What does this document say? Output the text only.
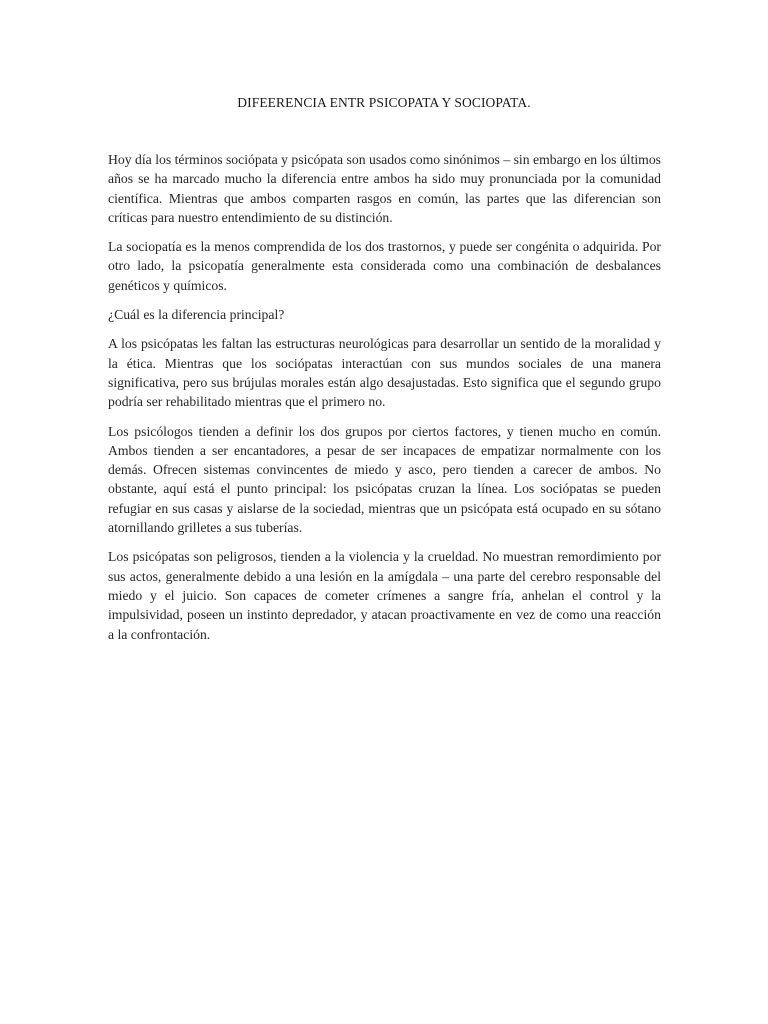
DIFEERENCIA ENTR PSICOPATA Y SOCIOPATA.

Hoy día los términos sociópata y psicópata son usados como sinónimos – sin embargo en los últimos años se ha marcado mucho la diferencia entre ambos ha sido muy pronunciada por la comunidad científica. Mientras que ambos comparten rasgos en común, las partes que las diferencian son críticas para nuestro entendimiento de su distinción.

La sociopatía es la menos comprendida de los dos trastornos, y puede ser congénita o adquirida. Por otro lado, la psicopatía generalmente esta considerada como una combinación de desbalances genéticos y químicos.

¿Cuál es la diferencia principal?

A los psicópatas les faltan las estructuras neurológicas para desarrollar un sentido de la moralidad y la ética. Mientras que los sociópatas interactúan con sus mundos sociales de una manera significativa, pero sus brújulas morales están algo desajustadas. Esto significa que el segundo grupo podría ser rehabilitado mientras que el primero no.

Los psicólogos tienden a definir los dos grupos por ciertos factores, y tienen mucho en común. Ambos tienden a ser encantadores, a pesar de ser incapaces de empatizar normalmente con los demás. Ofrecen sistemas convincentes de miedo y asco, pero tienden a carecer de ambos. No obstante, aquí está el punto principal: los psicópatas cruzan la línea. Los sociópatas se pueden refugiar en sus casas y aislarse de la sociedad, mientras que un psicópata está ocupado en su sótano atornillando grilletes a sus tuberías.

Los psicópatas son peligrosos, tienden a la violencia y la crueldad. No muestran remordimiento por sus actos, generalmente debido a una lesión en la amígdala – una parte del cerebro responsable del miedo y el juicio. Son capaces de cometer crímenes a sangre fría, anhelan el control y la impulsividad, poseen un instinto depredador, y atacan proactivamente en vez de como una reacción a la confrontación.
